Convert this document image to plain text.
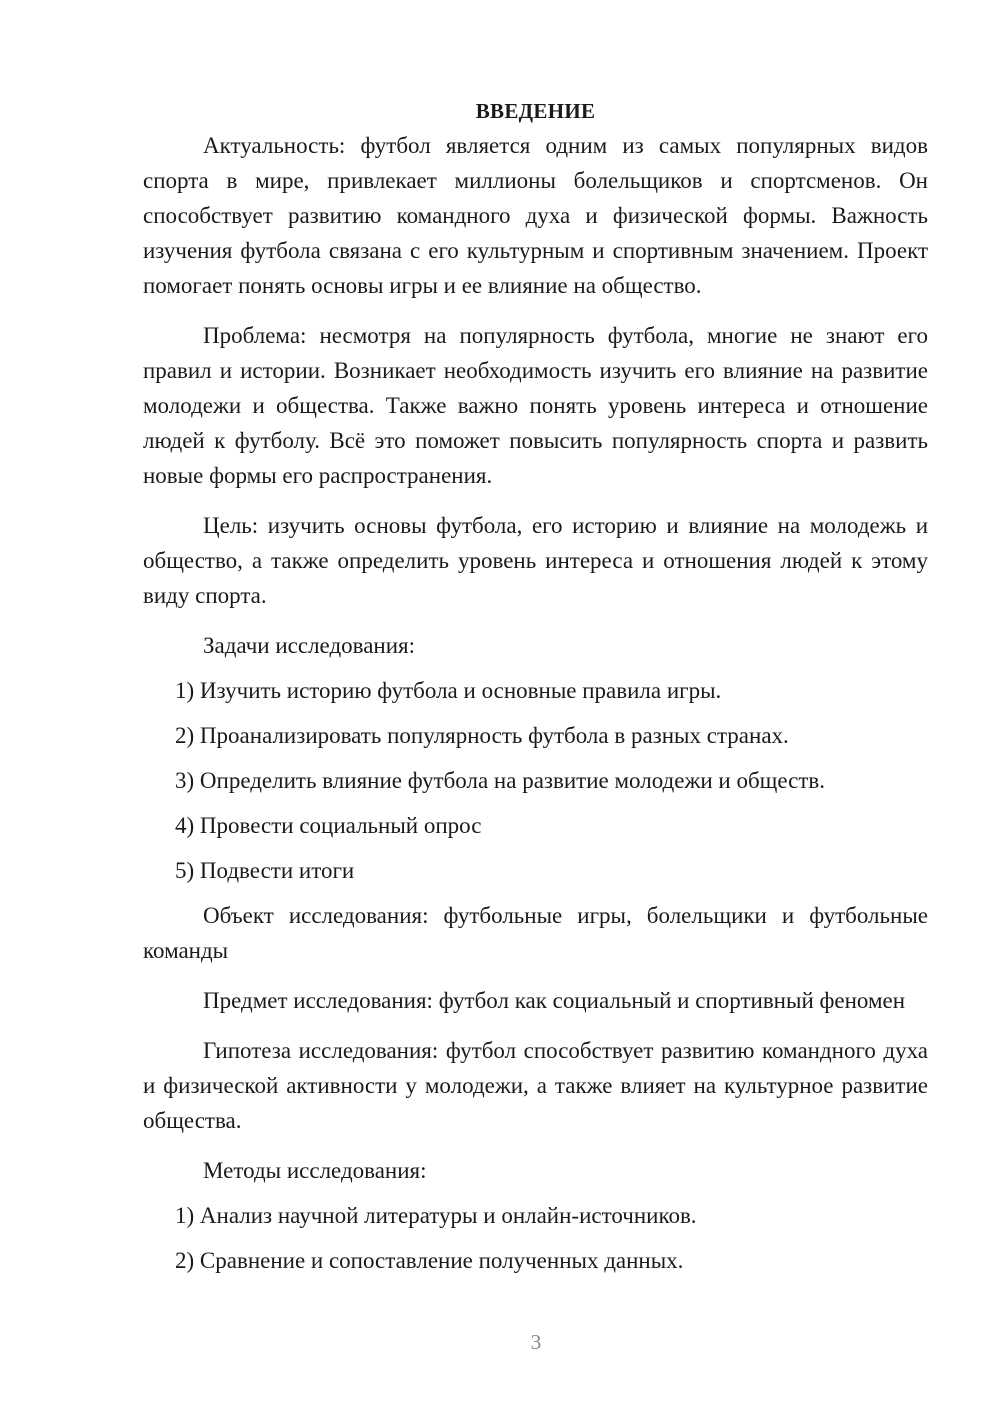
ВВЕДЕНИЕ

Актуальность: футбол является одним из самых популярных видов спорта в мире, привлекает миллионы болельщиков и спортсменов. Он способствует развитию командного духа и физической формы. Важность изучения футбола связана с его культурным и спортивным значением. Проект помогает понять основы игры и ее влияние на общество.

Проблема: несмотря на популярность футбола, многие не знают его правил и истории. Возникает необходимость изучить его влияние на развитие молодежи и общества. Также важно понять уровень интереса и отношение людей к футболу. Всё это поможет повысить популярность спорта и развить новые формы его распространения.

Цель: изучить основы футбола, его историю и влияние на молодежь и общество, а также определить уровень интереса и отношения людей к этому виду спорта.

Задачи исследования:

1) Изучить историю футбола и основные правила игры.
2) Проанализировать популярность футбола в разных странах.
3) Определить влияние футбола на развитие молодежи и обществ.
4) Провести социальный опрос
5) Подвести итоги

Объект исследования: футбольные игры, болельщики и футбольные команды

Предмет исследования: футбол как социальный и спортивный феномен

Гипотеза исследования: футбол способствует развитию командного духа и физической активности у молодежи, а также влияет на культурное развитие общества.

Методы исследования:

1) Анализ научной литературы и онлайн-источников.
2) Сравнение и сопоставление полученных данных.
3
